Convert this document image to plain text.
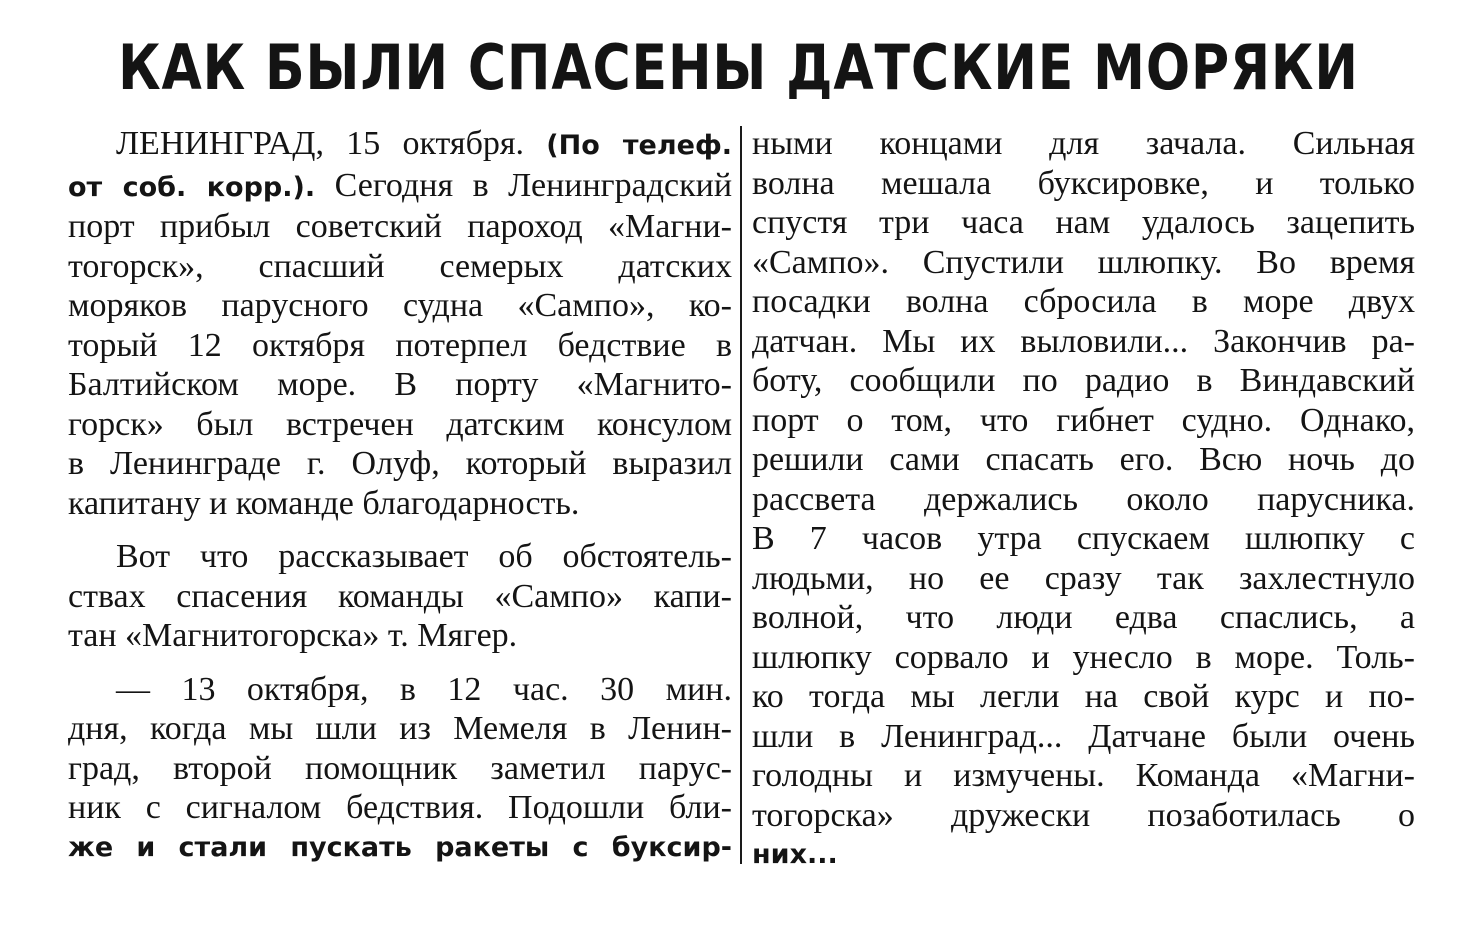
КАК БЫЛИ СПАСЕНЫ ДАТСКИЕ МОРЯКИ
ЛЕНИНГРАД, 15 октября. (По телеф.
от соб. корр.). Сегодня в Ленинградский
порт прибыл советский пароход «Магни-
тогорск», спасший семерых датских
моряков парусного судна «Сампо», ко-
торый 12 октября потерпел бедствие в
Балтийском море. В порту «Магнито-
горск» был встречен датским консулом
в Ленинграде г. Олуф, который выразил
капитану и команде благодарность.
Вот что рассказывает об обстоятель-
ствах спасения команды «Сампо» капи-
тан «Магнитогорска» т. Мягер.
— 13 октября, в 12 час. 30 мин.
дня, когда мы шли из Мемеля в Ленин-
град, второй помощник заметил парус-
ник с сигналом бедствия. Подошли бли-
же и стали пускать ракеты с буксир-
ными концами для зачала. Сильная
волна мешала буксировке, и только
спустя три часа нам удалось зацепить
«Сампо». Спустили шлюпку. Во время
посадки волна сбросила в море двух
датчан. Мы их выловили... Закончив ра-
боту, сообщили по радио в Виндавский
порт о том, что гибнет судно. Однако,
решили сами спасать его. Всю ночь до
рассвета держались около парусника.
В 7 часов утра спускаем шлюпку с
людьми, но ее сразу так захлестнуло
волной, что люди едва спаслись, а
шлюпку сорвало и унесло в море. Толь-
ко тогда мы легли на свой курс и по-
шли в Ленинград... Датчане были очень
голодны и измучены. Команда «Магни-
тогорска» дружески позаботилась о
них...
